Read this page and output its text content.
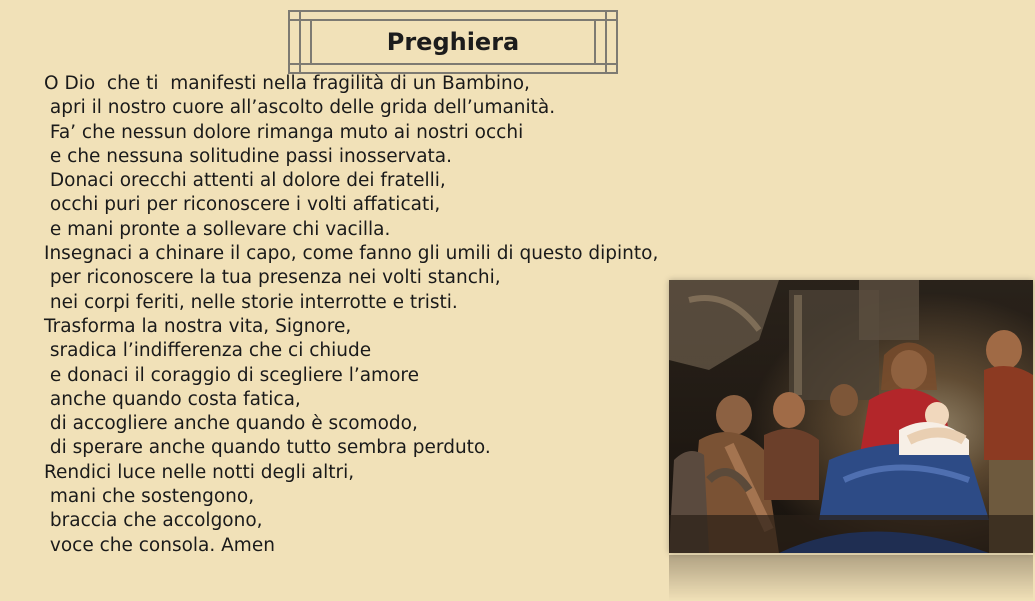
Preghiera
O Dio  che ti  manifesti nella fragilità di un Bambino,
apri il nostro cuore all’ascolto delle grida dell’umanità.
Fa’ che nessun dolore rimanga muto ai nostri occhi
e che nessuna solitudine passi inosservata.
Donaci orecchi attenti al dolore dei fratelli,
occhi puri per riconoscere i volti affaticati,
e mani pronte a sollevare chi vacilla.
Insegnaci a chinare il capo, come fanno gli umili di questo dipinto,
per riconoscere la tua presenza nei volti stanchi,
nei corpi feriti, nelle storie interrotte e tristi.
Trasforma la nostra vita, Signore,
sradica l’indifferenza che ci chiude
e donaci il coraggio di scegliere l’amore
anche quando costa fatica,
di accogliere anche quando è scomodo,
di sperare anche quando tutto sembra perduto.
Rendici luce nelle notti degli altri,
mani che sostengono,
braccia che accolgono,
voce che consola. Amen
